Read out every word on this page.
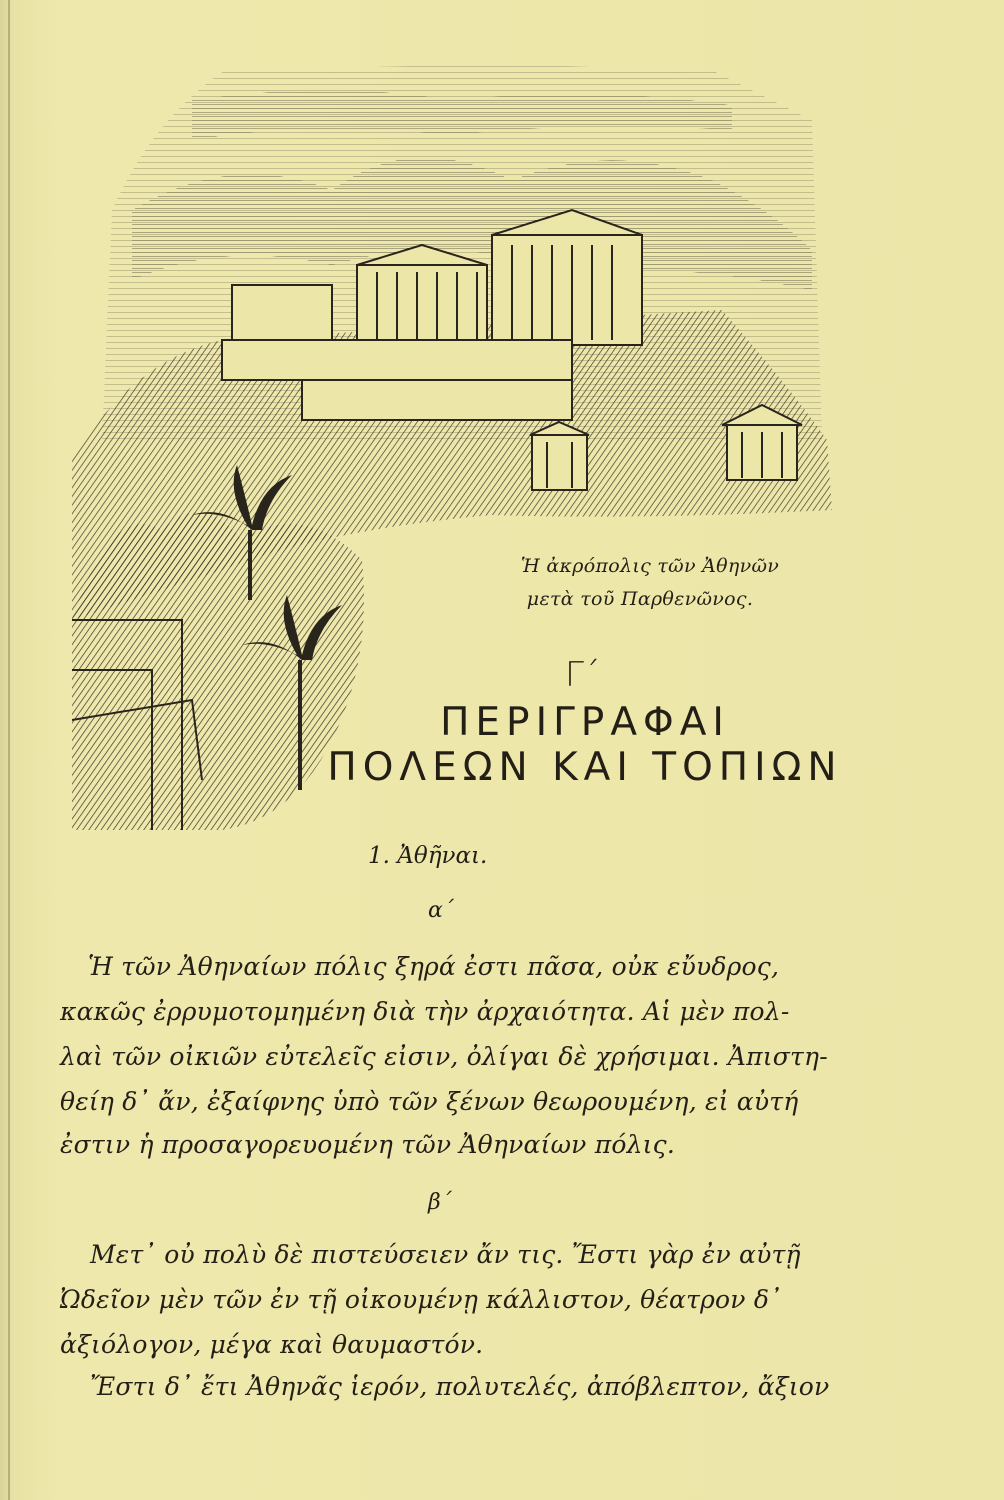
Ἡ ἀκρόπολις τῶν Ἀθηνῶν
μετὰ τοῦ Παρθενῶνος.
Γ΄
ΠΕΡΙΓΡΑΦΑΙ
ΠΟΛΕΩΝ ΚΑΙ ΤΟΠΙΩΝ
1. Ἀθῆναι.
α΄
Ἡ τῶν Ἀθηναίων πόλις ξηρά ἐστι πᾶσα, οὐκ εὔυδρος,
κακῶς ἐρρυμοτομημένη διὰ τὴν ἀρχαιότητα. Αἱ μὲν πολ-
λαὶ τῶν οἰκιῶν εὐτελεῖς εἰσιν, ὀλίγαι δὲ χρήσιμαι. Ἀπιστη-
θείη δ᾽ ἄν, ἐξαίφνης ὑπὸ τῶν ξένων θεωρουμένη, εἰ αὐτή
ἐστιν ἡ προσαγορευομένη τῶν Ἀθηναίων πόλις.
β΄
Μετ᾽ οὐ πολὺ δὲ πιστεύσειεν ἄν τις. Ἔστι γὰρ ἐν αὐτῇ
Ὠδεῖον μὲν τῶν ἐν τῇ οἰκουμένῃ κάλλιστον, θέατρον δ᾽
ἀξιόλογον, μέγα καὶ θαυμαστόν.
Ἔστι δ᾽ ἔτι Ἀθηνᾶς ἱερόν, πολυτελές, ἀπόβλεπτον, ἄξιον
